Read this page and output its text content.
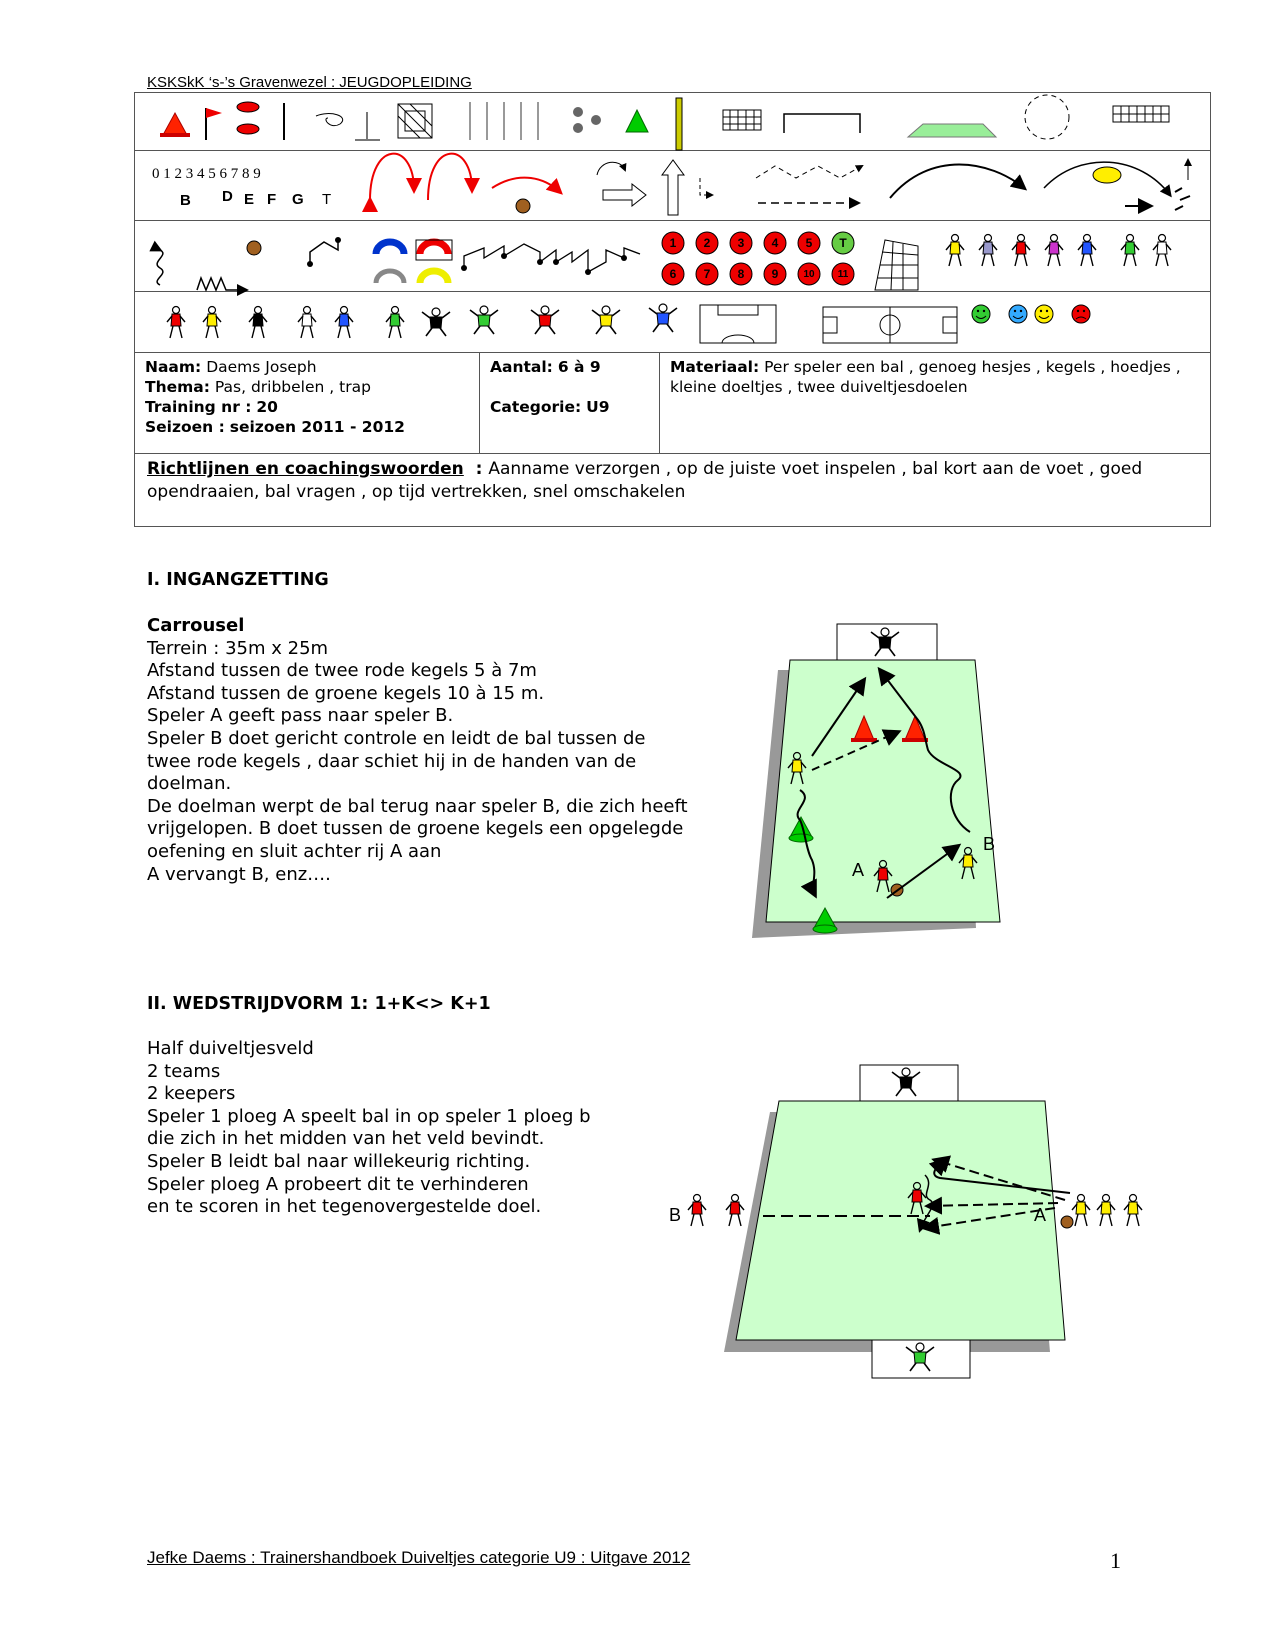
KSKSkK ‘s-’s Gravenwezel : JEUGDOPLEIDING
0 1 2 3 4 5 6 7 8 9
B D E F G T
1 2 3 4 5 T
6 7 8 9	10 11
Naam: Daems Joseph
Thema: Pas, dribbelen , trap
Training nr : 20
Seizoen : seizoen 2011 - 2012
Aantal: 6 à 9

Categorie: U9
Materiaal: Per speler een bal , genoeg hesjes , kegels , hoedjes , kleine doeltjes , twee duiveltjesdoelen
Richtlijnen en coachingswoorden  : Aanname verzorgen , op de juiste voet inspelen , bal kort aan de voet , goed opendraaien, bal vragen , op tijd vertrekken, snel omschakelen
I. INGANGZETTING
Carrousel
Terrein : 35m x 25m
Afstand tussen de twee rode kegels 5 à 7m
Afstand tussen de groene kegels 10 à 15 m.
Speler A geeft pass naar speler B.
Speler B doet gericht controle en leidt de bal tussen de
twee rode kegels , daar schiet hij in de handen van de
doelman.
De doelman werpt de bal terug naar speler B, die zich heeft
vrijgelopen. B doet tussen de groene kegels een opgelegde
oefening en sluit achter rij A aan
A vervangt B, enz….	A
B
II. WEDSTRIJDVORM 1: 1+K<> K+1
Half duiveltjesveld
2 teams
2 keepers
Speler 1 ploeg A speelt bal in op speler 1 ploeg b
die zich in het midden van het veld bevindt.
Speler B leidt bal naar willekeurig richting.
Speler ploeg A probeert dit te verhinderen
en te scoren in het tegenovergestelde doel.	B	A
Jefke Daems : Trainershandboek Duiveltjes categorie U9 : Uitgave 2012	1
